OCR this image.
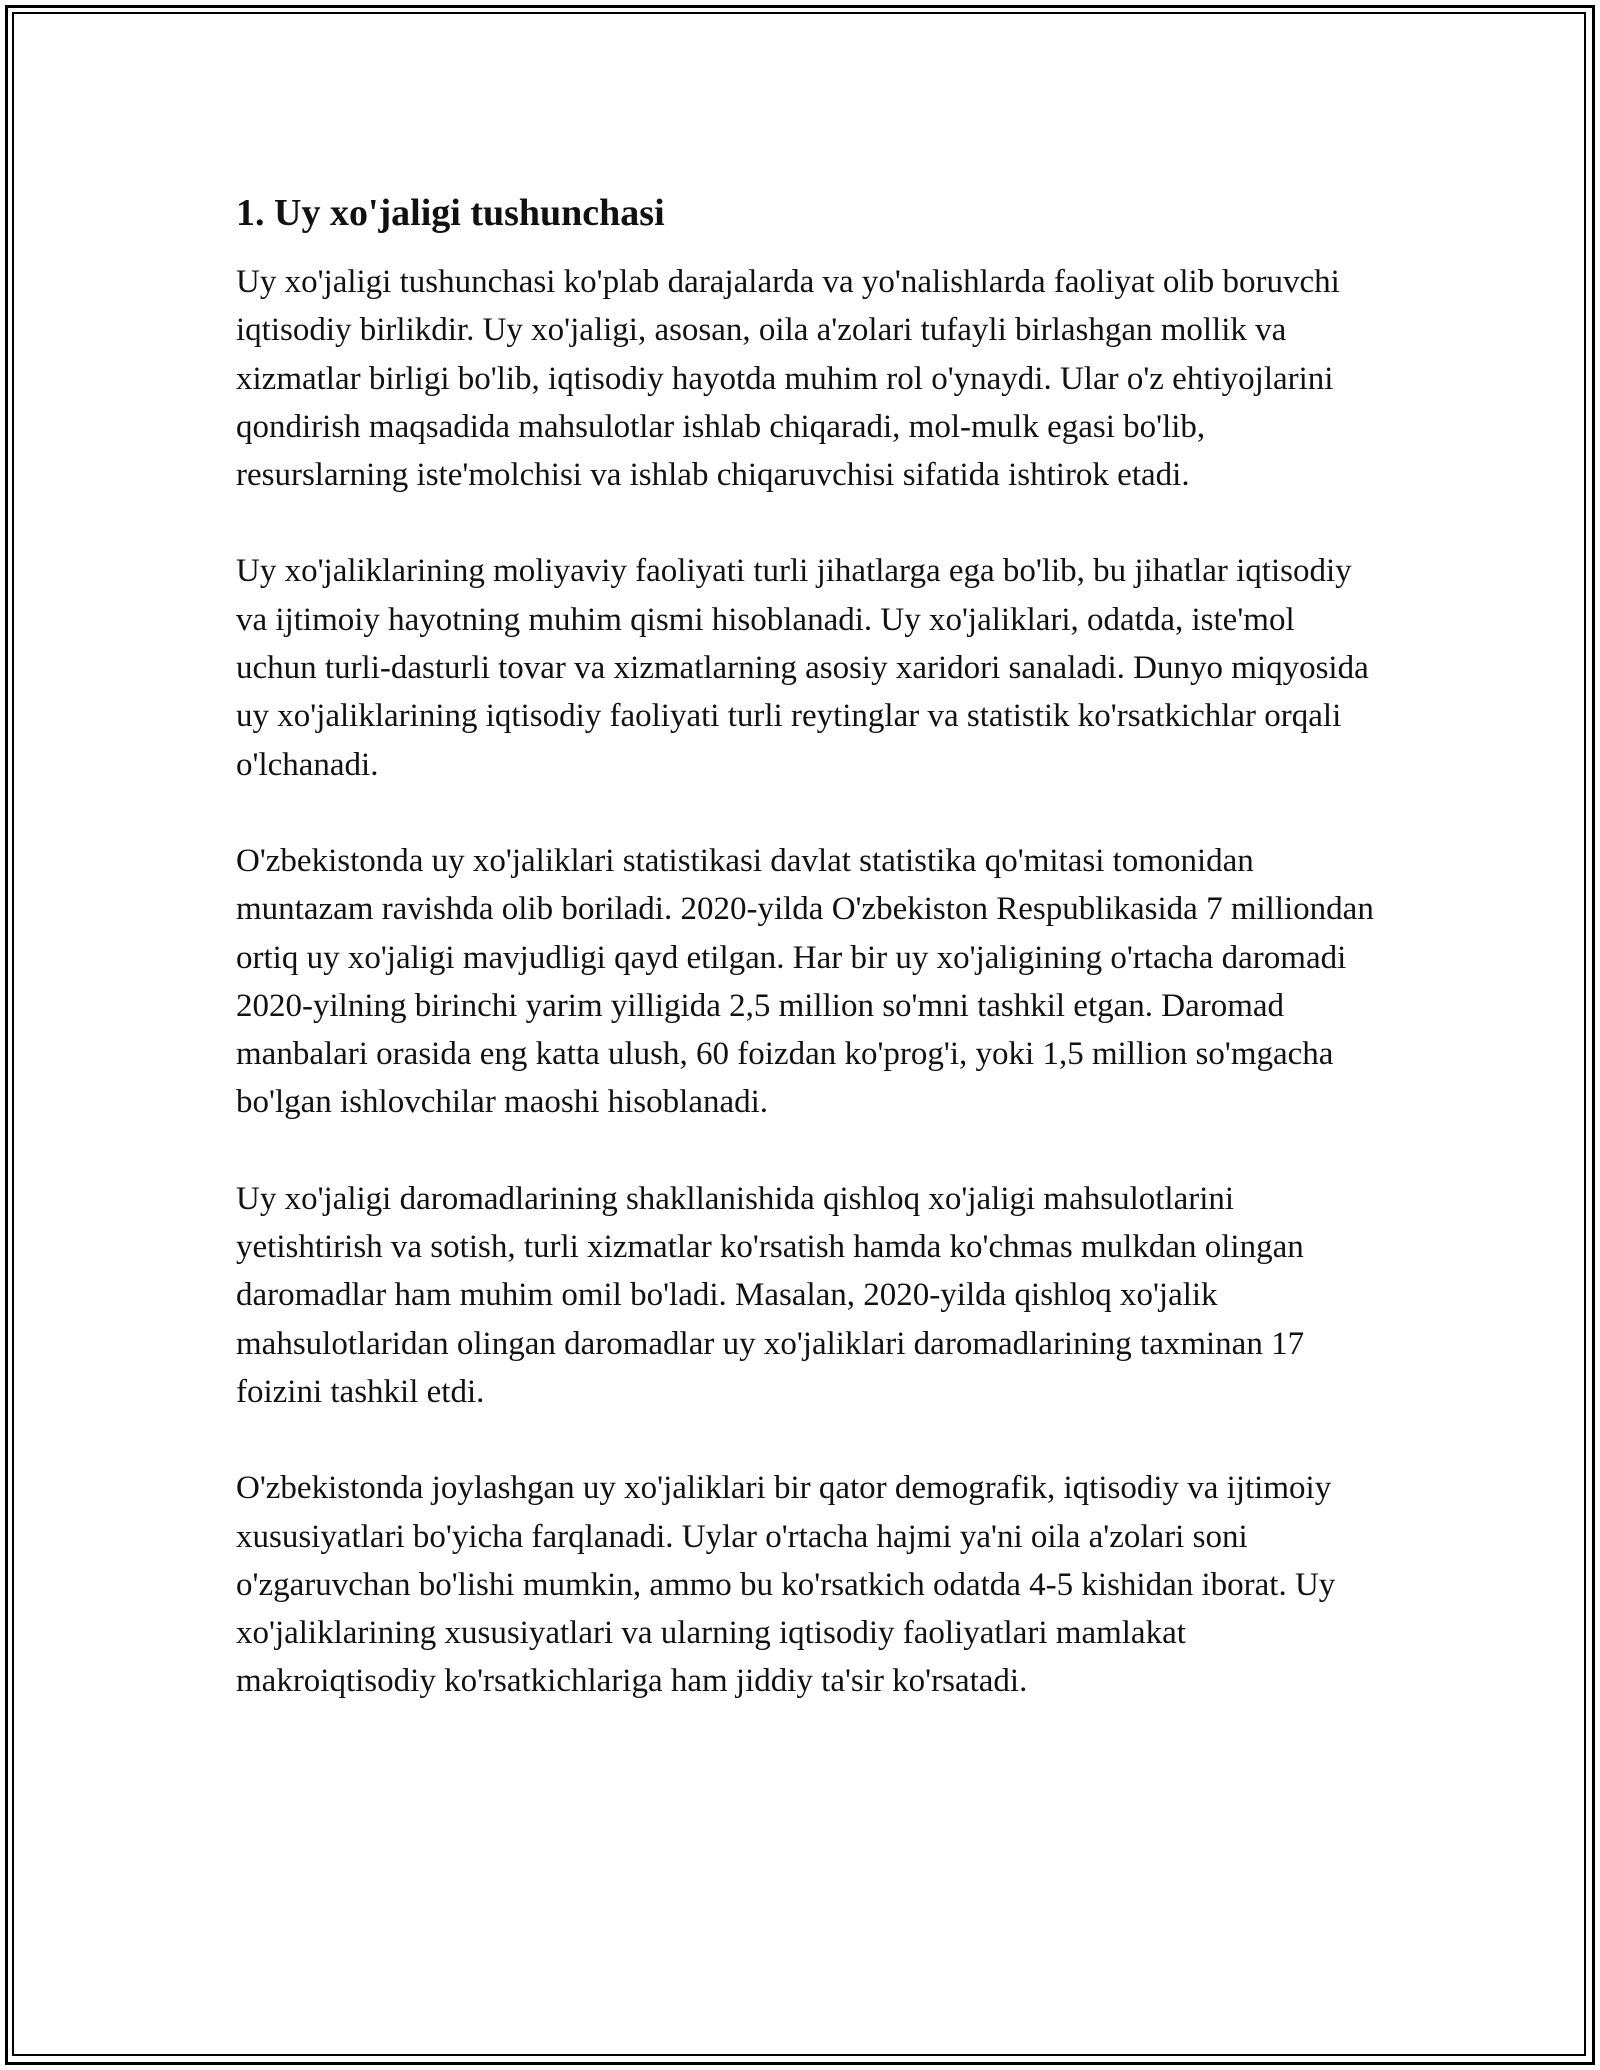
1. Uy xo'jaligi tushunchasi

Uy xo'jaligi tushunchasi ko'plab darajalarda va yo'nalishlarda faoliyat olib boruvchi iqtisodiy birlikdir. Uy xo'jaligi, asosan, oila a'zolari tufayli birlashgan mollik va xizmatlar birligi bo'lib, iqtisodiy hayotda muhim rol o'ynaydi. Ular o'z ehtiyojlarini qondirish maqsadida mahsulotlar ishlab chiqaradi, mol-mulk egasi bo'lib, resurslarning iste'molchisi va ishlab chiqaruvchisi sifatida ishtirok etadi.

Uy xo'jaliklarining moliyaviy faoliyati turli jihatlarga ega bo'lib, bu jihatlar iqtisodiy va ijtimoiy hayotning muhim qismi hisoblanadi. Uy xo'jaliklari, odatda, iste'mol uchun turli-dasturli tovar va xizmatlarning asosiy xaridori sanaladi. Dunyo miqyosida uy xo'jaliklarining iqtisodiy faoliyati turli reytinglar va statistik ko'rsatkichlar orqali o'lchanadi.

O'zbekistonda uy xo'jaliklari statistikasi davlat statistika qo'mitasi tomonidan muntazam ravishda olib boriladi. 2020-yilda O'zbekiston Respublikasida 7 milliondan ortiq uy xo'jaligi mavjudligi qayd etilgan. Har bir uy xo'jaligining o'rtacha daromadi 2020-yilning birinchi yarim yilligida 2,5 million so'mni tashkil etgan. Daromad manbalari orasida eng katta ulush, 60 foizdan ko'prog'i, yoki 1,5 million so'mgacha bo'lgan ishlovchilar maoshi hisoblanadi.

Uy xo'jaligi daromadlarining shakllanishida qishloq xo'jaligi mahsulotlarini yetishtirish va sotish, turli xizmatlar ko'rsatish hamda ko'chmas mulkdan olingan daromadlar ham muhim omil bo'ladi. Masalan, 2020-yilda qishloq xo'jalik mahsulotlaridan olingan daromadlar uy xo'jaliklari daromadlarining taxminan 17 foizini tashkil etdi.

O'zbekistonda joylashgan uy xo'jaliklari bir qator demografik, iqtisodiy va ijtimoiy xususiyatlari bo'yicha farqlanadi. Uylar o'rtacha hajmi ya'ni oila a'zolari soni o'zgaruvchan bo'lishi mumkin, ammo bu ko'rsatkich odatda 4-5 kishidan iborat. Uy xo'jaliklarining xususiyatlari va ularning iqtisodiy faoliyatlari mamlakat makroiqtisodiy ko'rsatkichlariga ham jiddiy ta'sir ko'rsatadi.
